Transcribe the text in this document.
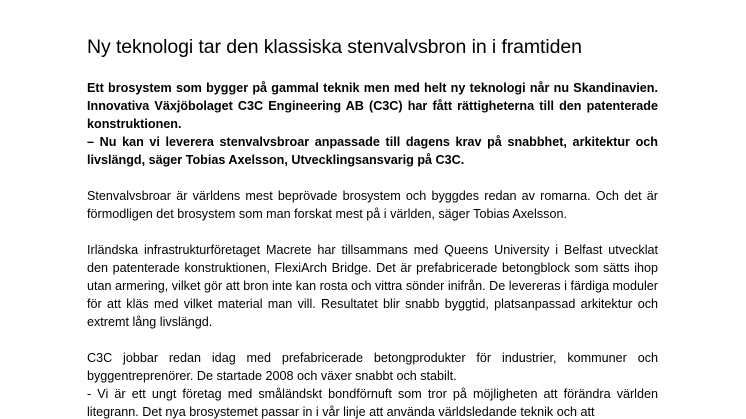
Ny teknologi tar den klassiska stenvalvsbron in i framtiden

Ett brosystem som bygger på gammal teknik men med helt ny teknologi når nu Skandinavien. Innovativa Växjöbolaget C3C Engineering AB (C3C) har fått rättigheterna till den patenterade konstruktionen.
– Nu kan vi leverera stenvalvsbroar anpassade till dagens krav på snabbhet, arkitektur och livslängd, säger Tobias Axelsson, Utvecklingsansvarig på C3C.

Stenvalvsbroar är världens mest beprövade brosystem och byggdes redan av romarna. Och det är förmodligen det brosystem som man forskat mest på i världen, säger Tobias Axelsson.

Irländska infrastrukturföretaget Macrete har tillsammans med Queens University i Belfast utvecklat den patenterade konstruktionen, FlexiArch Bridge. Det är prefabricerade betongblock som sätts ihop utan armering, vilket gör att bron inte kan rosta och vittra sönder inifrån. De levereras i färdiga moduler för att kläs med vilket material man vill. Resultatet blir snabb byggtid, platsanpassad arkitektur och extremt lång livslängd.

C3C jobbar redan idag med prefabricerade betongprodukter för industrier, kommuner och byggentreprenörer. De startade 2008 och växer snabbt och stabilt.
- Vi är ett ungt företag med småländskt bondförnuft som tror på möjligheten att förändra världen litegrann. Det nya brosystemet passar in i vår linje att använda världsledande teknik och att
